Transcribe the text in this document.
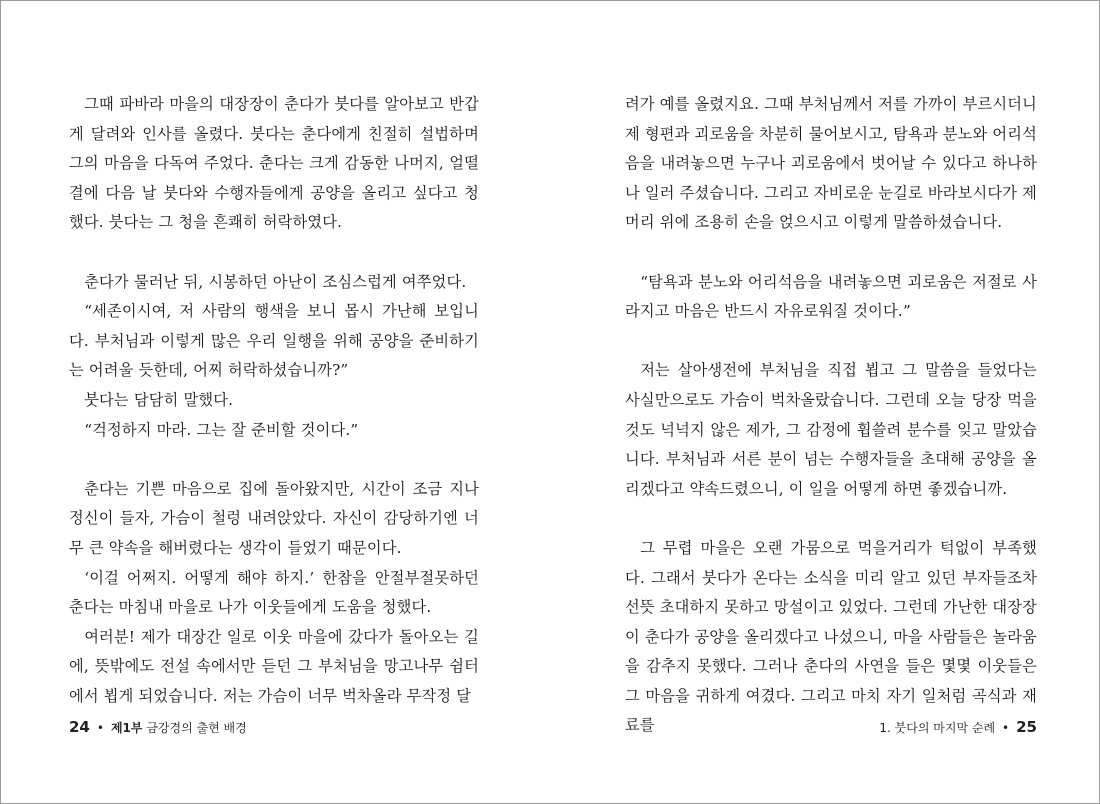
그때 파바라 마을의 대장장이 춘다가 붓다를 알아보고 반갑게 달려와 인사를 올렸다. 붓다는 춘다에게 친절히 설법하며 그의 마음을 다독여 주었다. 춘다는 크게 감동한 나머지, 얼떨결에 다음 날 붓다와 수행자들에게 공양을 올리고 싶다고 청했다. 붓다는 그 청을 흔쾌히 허락하였다.

춘다가 물러난 뒤, 시봉하던 아난이 조심스럽게 여쭈었다.

“세존이시여, 저 사람의 행색을 보니 몹시 가난해 보입니다. 부처님과 이렇게 많은 우리 일행을 위해 공양을 준비하기는 어려울 듯한데, 어찌 허락하셨습니까?”

붓다는 담담히 말했다.

“걱정하지 마라. 그는 잘 준비할 것이다.”

춘다는 기쁜 마음으로 집에 돌아왔지만, 시간이 조금 지나 정신이 들자, 가슴이 철렁 내려앉았다. 자신이 감당하기엔 너무 큰 약속을 해버렸다는 생각이 들었기 때문이다.

‘이걸 어쩌지. 어떻게 해야 하지.’ 한참을 안절부절못하던 춘다는 마침내 마을로 나가 이웃들에게 도움을 청했다.

여러분! 제가 대장간 일로 이웃 마을에 갔다가 돌아오는 길에, 뜻밖에도 전설 속에서만 듣던 그 부처님을 망고나무 쉼터에서 뵙게 되었습니다. 저는 가슴이 너무 벅차올라 무작정 달

24 • 제1부 금강경의 출현 배경

려가 예를 올렸지요. 그때 부처님께서 저를 가까이 부르시더니 제 형편과 괴로움을 차분히 물어보시고, 탐욕과 분노와 어리석음을 내려놓으면 누구나 괴로움에서 벗어날 수 있다고 하나하나 일러 주셨습니다. 그리고 자비로운 눈길로 바라보시다가 제 머리 위에 조용히 손을 얹으시고 이렇게 말씀하셨습니다.

“탐욕과 분노와 어리석음을 내려놓으면 괴로움은 저절로 사라지고 마음은 반드시 자유로워질 것이다.”

저는 살아생전에 부처님을 직접 뵙고 그 말씀을 들었다는 사실만으로도 가슴이 벅차올랐습니다. 그런데 오늘 당장 먹을 것도 넉넉지 않은 제가, 그 감정에 휩쓸려 분수를 잊고 말았습니다. 부처님과 서른 분이 넘는 수행자들을 초대해 공양을 올리겠다고 약속드렸으니, 이 일을 어떻게 하면 좋겠습니까.

그 무렵 마을은 오랜 가뭄으로 먹을거리가 턱없이 부족했다. 그래서 붓다가 온다는 소식을 미리 알고 있던 부자들조차 선뜻 초대하지 못하고 망설이고 있었다. 그런데 가난한 대장장이 춘다가 공양을 올리겠다고 나섰으니, 마을 사람들은 놀라움을 감추지 못했다. 그러나 춘다의 사연을 들은 몇몇 이웃들은 그 마음을 귀하게 여겼다. 그리고 마치 자기 일처럼 곡식과 재료를	1. 붓다의 마지막 순례 • 25
